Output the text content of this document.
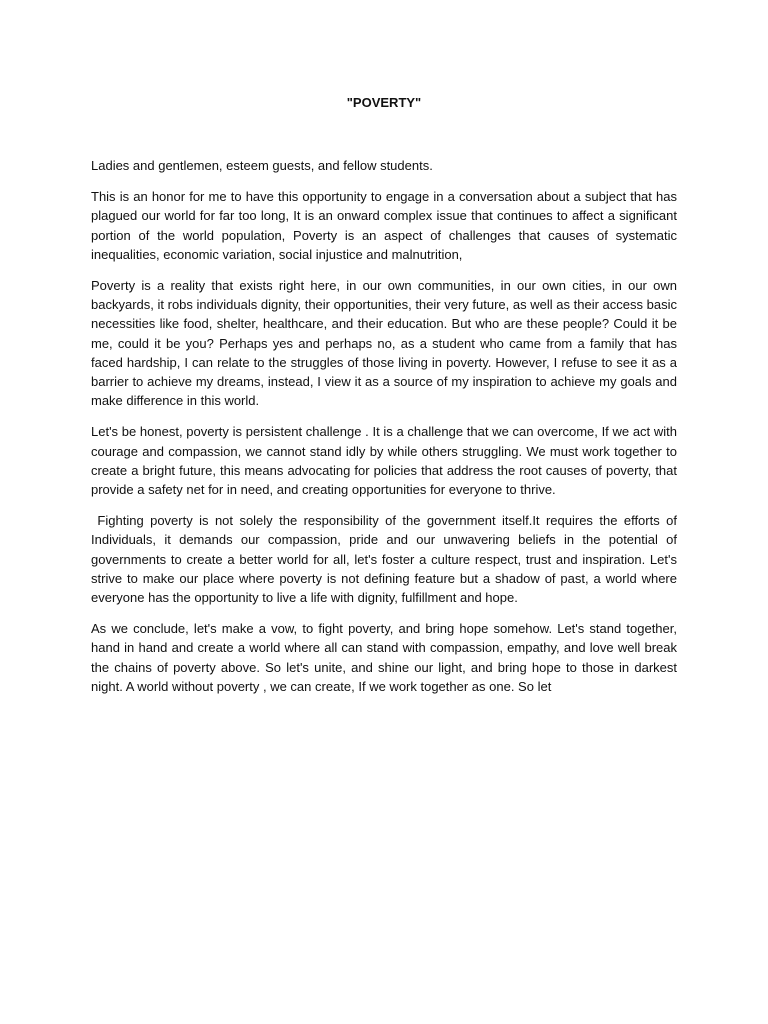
"POVERTY"

Ladies and gentlemen, esteem guests, and fellow students.

This is an honor for me to have this opportunity to engage in a conversation about a subject that has plagued our world for far too long, It is an onward complex issue that continues to affect a significant portion of the world population, Poverty is an aspect of challenges that causes of systematic inequalities, economic variation, social injustice and malnutrition,

Poverty is a reality that exists right here, in our own communities, in our own cities, in our own backyards, it robs individuals dignity, their opportunities, their very future, as well as their access basic necessities like food, shelter, healthcare, and their education. But who are these people? Could it be me, could it be you? Perhaps yes and perhaps no, as a student who came from a family that has faced hardship, I can relate to the struggles of those living in poverty. However, I refuse to see it as a barrier to achieve my dreams, instead, I view it as a source of my inspiration to achieve my goals and make difference in this world.

Let's be honest, poverty is persistent challenge . It is a challenge that we can overcome, If we act with courage and compassion, we cannot stand idly by while others struggling. We must work together to create a bright future, this means advocating for policies that address the root causes of poverty, that provide a safety net for in need, and creating opportunities for everyone to thrive.

Fighting poverty is not solely the responsibility of the government itself.It requires the efforts of Individuals, it demands our compassion, pride and our unwavering beliefs in the potential of governments to create a better world for all, let's foster a culture respect, trust and inspiration. Let's strive to make our place where poverty is not defining feature but a shadow of past, a world where everyone has the opportunity to live a life with dignity, fulfillment and hope.

As we conclude, let's make a vow, to fight poverty, and bring hope somehow. Let's stand together, hand in hand and create a world where all can stand with compassion, empathy, and love well break the chains of poverty above. So let's unite, and shine our light, and bring hope to those in darkest night. A world without poverty , we can create, If we work together as one. So let
